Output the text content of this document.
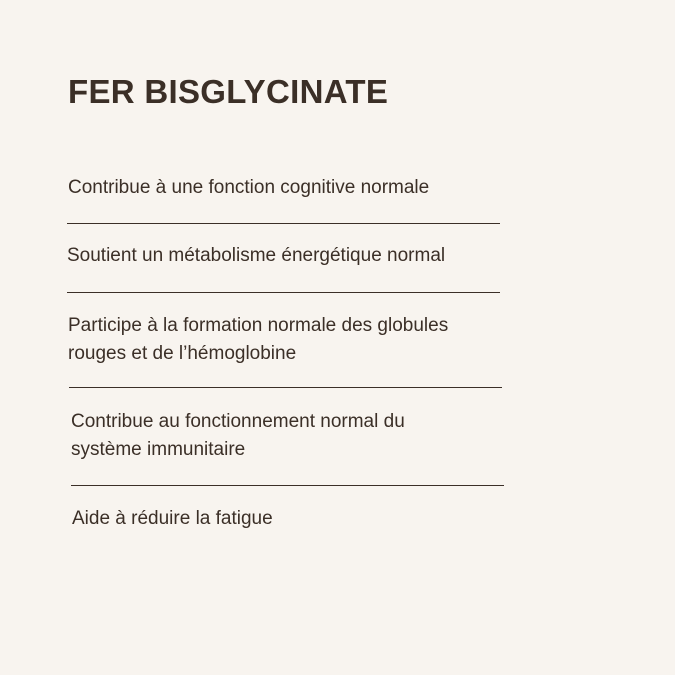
FER BISGLYCINATE

Contribue à une fonction cognitive normale

Soutient un métabolisme énergétique normal

Participe à la formation normale des globules rouges et de l’hémoglobine

Contribue au fonctionnement normal du système immunitaire

Aide à réduire la fatigue
